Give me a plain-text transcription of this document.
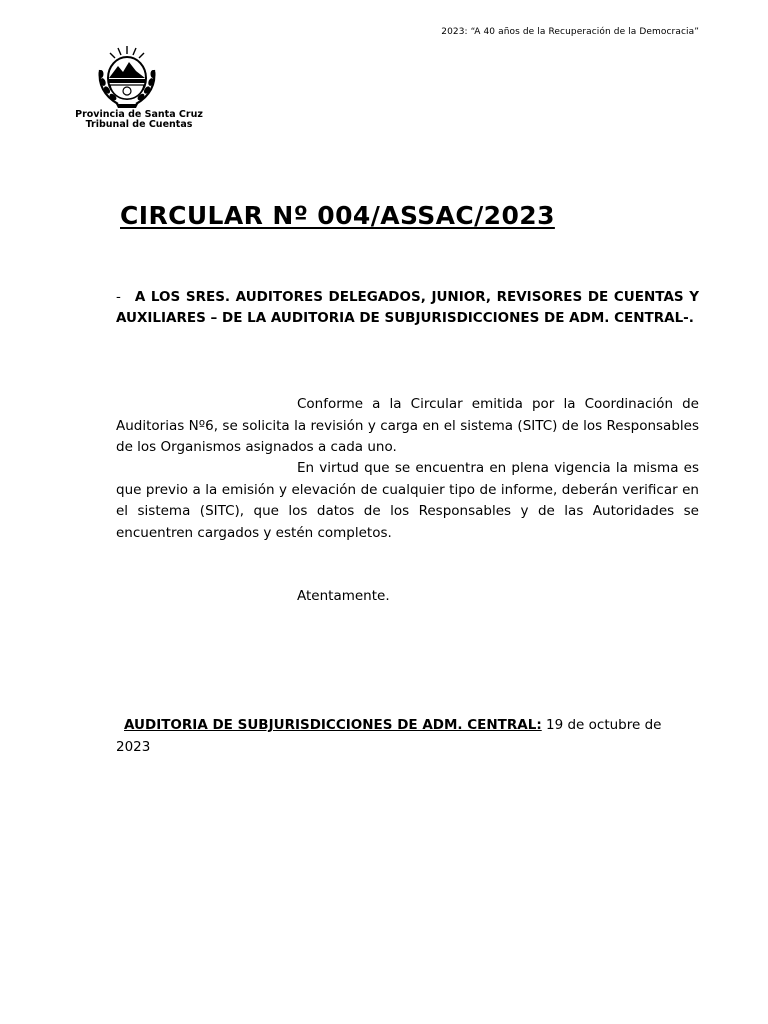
2023: “A 40 años de la Recuperación de la Democracia”
Provincia de Santa Cruz
Tribunal de Cuentas
CIRCULAR Nº 004/ASSAC/2023
- A LOS SRES. AUDITORES DELEGADOS, JUNIOR, REVISORES DE CUENTAS Y AUXILIARES – DE LA AUDITORIA DE SUBJURISDICCIONES DE ADM. CENTRAL-.
Conforme a la Circular emitida por la Coordinación de Auditorias Nº6, se solicita la revisión y carga en el sistema (SITC) de los Responsables de los Organismos asignados a cada uno.
En virtud que se encuentra en plena vigencia la misma es que previo a la emisión y elevación de cualquier tipo de informe, deberán verificar en el sistema (SITC), que los datos de los Responsables y de las Autoridades se encuentren cargados y estén completos.
Atentamente.
AUDITORIA DE SUBJURISDICCIONES DE ADM. CENTRAL: 19 de octubre de 2023
